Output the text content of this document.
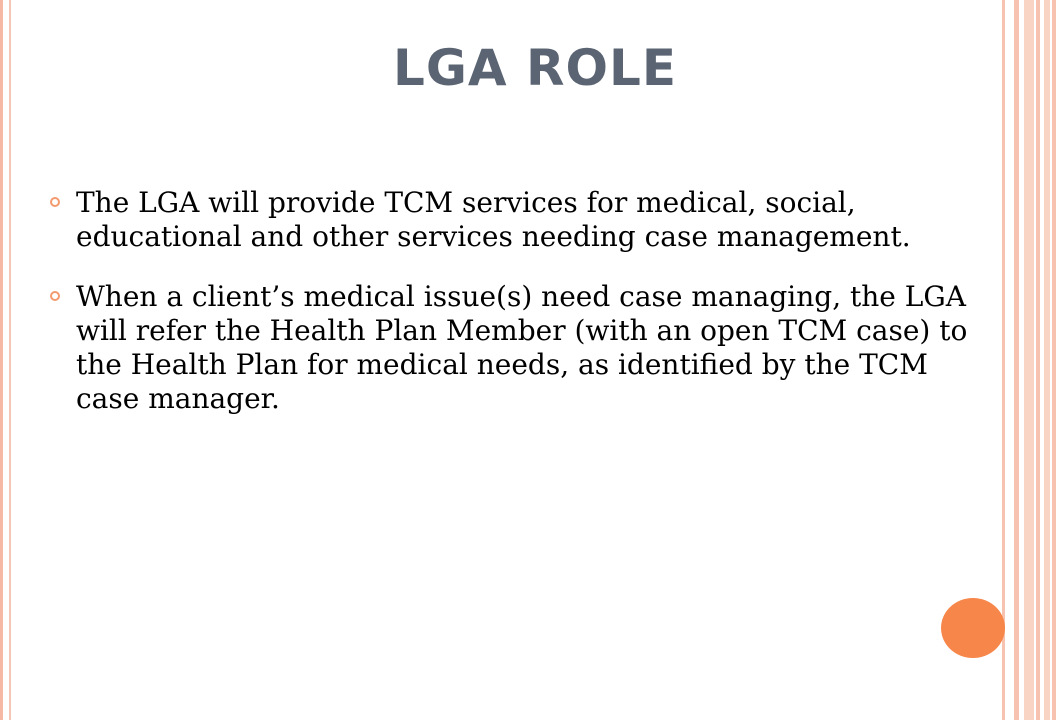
LGA ROLE
The LGA will provide TCM services for medical, social, educational and other services needing case management.
When a client’s medical issue(s) need case managing, the LGA will refer the Health Plan Member (with an open TCM case) to the Health Plan for medical needs, as identified by the TCM case manager.
